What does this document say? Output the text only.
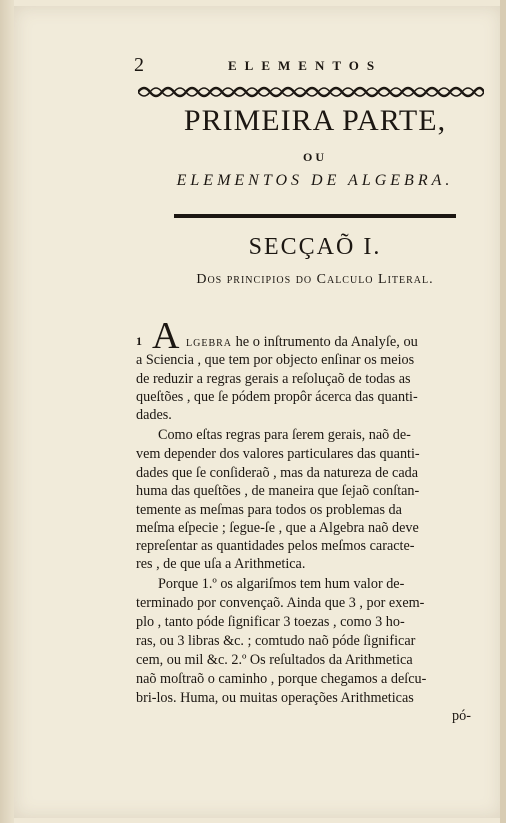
2	ELEMENTOS
PRIMEIRA PARTE,
OU
ELEMENTOS DE ALGEBRA.
SECÇAÕ I.
Dos principios do Calculo Literal.
1 A lgebra he o inſtrumento da Analyſe, ou
a Sciencia , que tem por objecto enſinar os meios
de reduzir a regras gerais a reſoluçaõ de todas as
queſtões , que ſe pódem propôr ácerca das quanti-
dades.
Como eſtas regras para ſerem gerais, naõ de-
vem depender dos valores particulares das quanti-
dades que ſe conſideraõ , mas da natureza de cada
huma das queſtões , de maneira que ſejaõ conſtan-
temente as meſmas para todos os problemas da
meſma eſpecie ; ſegue-ſe , que a Algebra naõ deve
repreſentar as quantidades pelos meſmos caracte-
res , de que uſa a Arithmetica.
Porque 1.º os algariſmos tem hum valor de-
terminado por convençaõ. Ainda que 3 , por exem-
plo , tanto póde ſignificar 3 toezas , como 3 ho-
ras, ou 3 libras &c. ; comtudo naõ póde ſignificar
cem, ou mil &c. 2.º Os reſultados da Arithmetica
naõ moſtraõ o caminho , porque chegamos a deſcu-
bri-los. Huma, ou muitas operações Arithmeticas
pó-
